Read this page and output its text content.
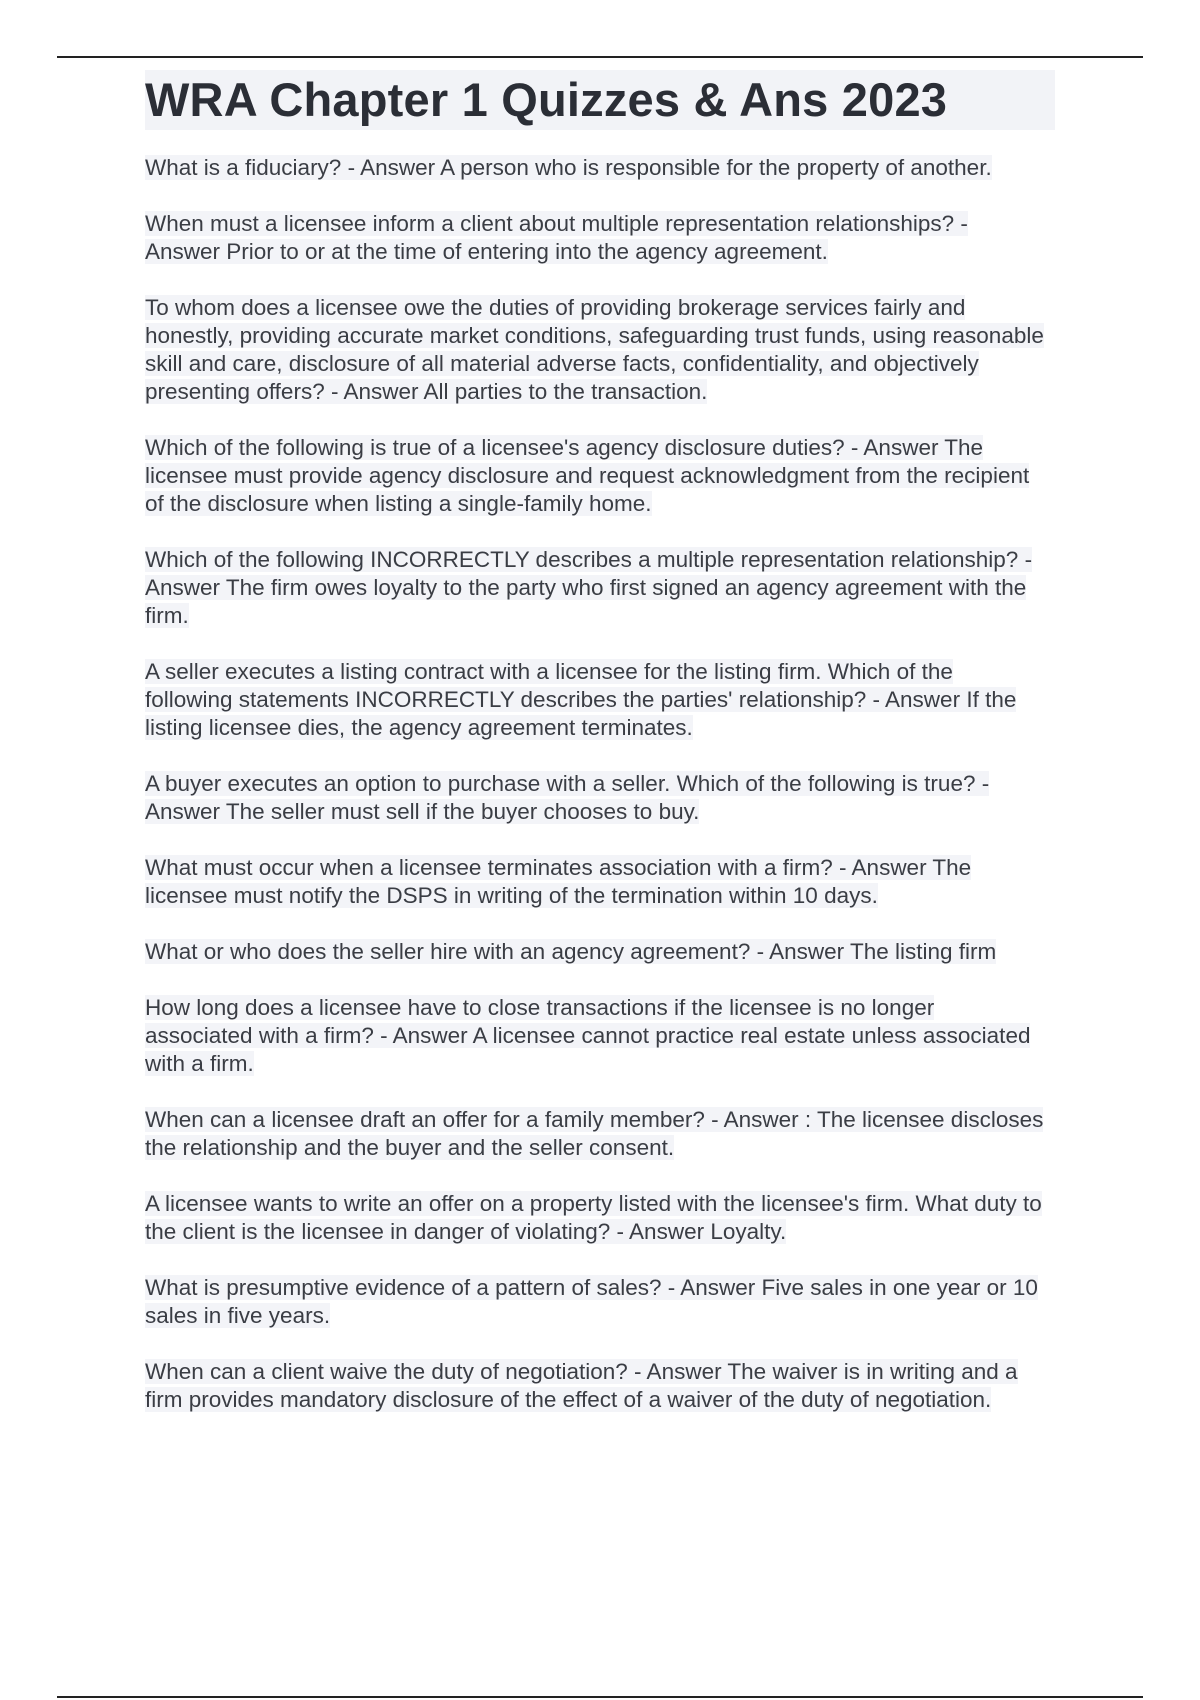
WRA Chapter 1 Quizzes & Ans 2023

What is a fiduciary? - Answer A person who is responsible for the property of another.

When must a licensee inform a client about multiple representation relationships? - Answer Prior to or at the time of entering into the agency agreement.

To whom does a licensee owe the duties of providing brokerage services fairly and honestly, providing accurate market conditions, safeguarding trust funds, using reasonable skill and care, disclosure of all material adverse facts, confidentiality, and objectively presenting offers? - Answer All parties to the transaction.

Which of the following is true of a licensee's agency disclosure duties? - Answer The licensee must provide agency disclosure and request acknowledgment from the recipient of the disclosure when listing a single-family home.

Which of the following INCORRECTLY describes a multiple representation relationship? - Answer The firm owes loyalty to the party who first signed an agency agreement with the firm.

A seller executes a listing contract with a licensee for the listing firm. Which of the following statements INCORRECTLY describes the parties' relationship? - Answer If the listing licensee dies, the agency agreement terminates.

A buyer executes an option to purchase with a seller. Which of the following is true? - Answer The seller must sell if the buyer chooses to buy.

What must occur when a licensee terminates association with a firm? - Answer The licensee must notify the DSPS in writing of the termination within 10 days.

What or who does the seller hire with an agency agreement? - Answer The listing firm

How long does a licensee have to close transactions if the licensee is no longer associated with a firm? - Answer A licensee cannot practice real estate unless associated with a firm.

When can a licensee draft an offer for a family member? - Answer : The licensee discloses the relationship and the buyer and the seller consent.

A licensee wants to write an offer on a property listed with the licensee's firm. What duty to the client is the licensee in danger of violating? - Answer Loyalty.

What is presumptive evidence of a pattern of sales? - Answer Five sales in one year or 10 sales in five years.

When can a client waive the duty of negotiation? - Answer The waiver is in writing and a firm provides mandatory disclosure of the effect of a waiver of the duty of negotiation.
